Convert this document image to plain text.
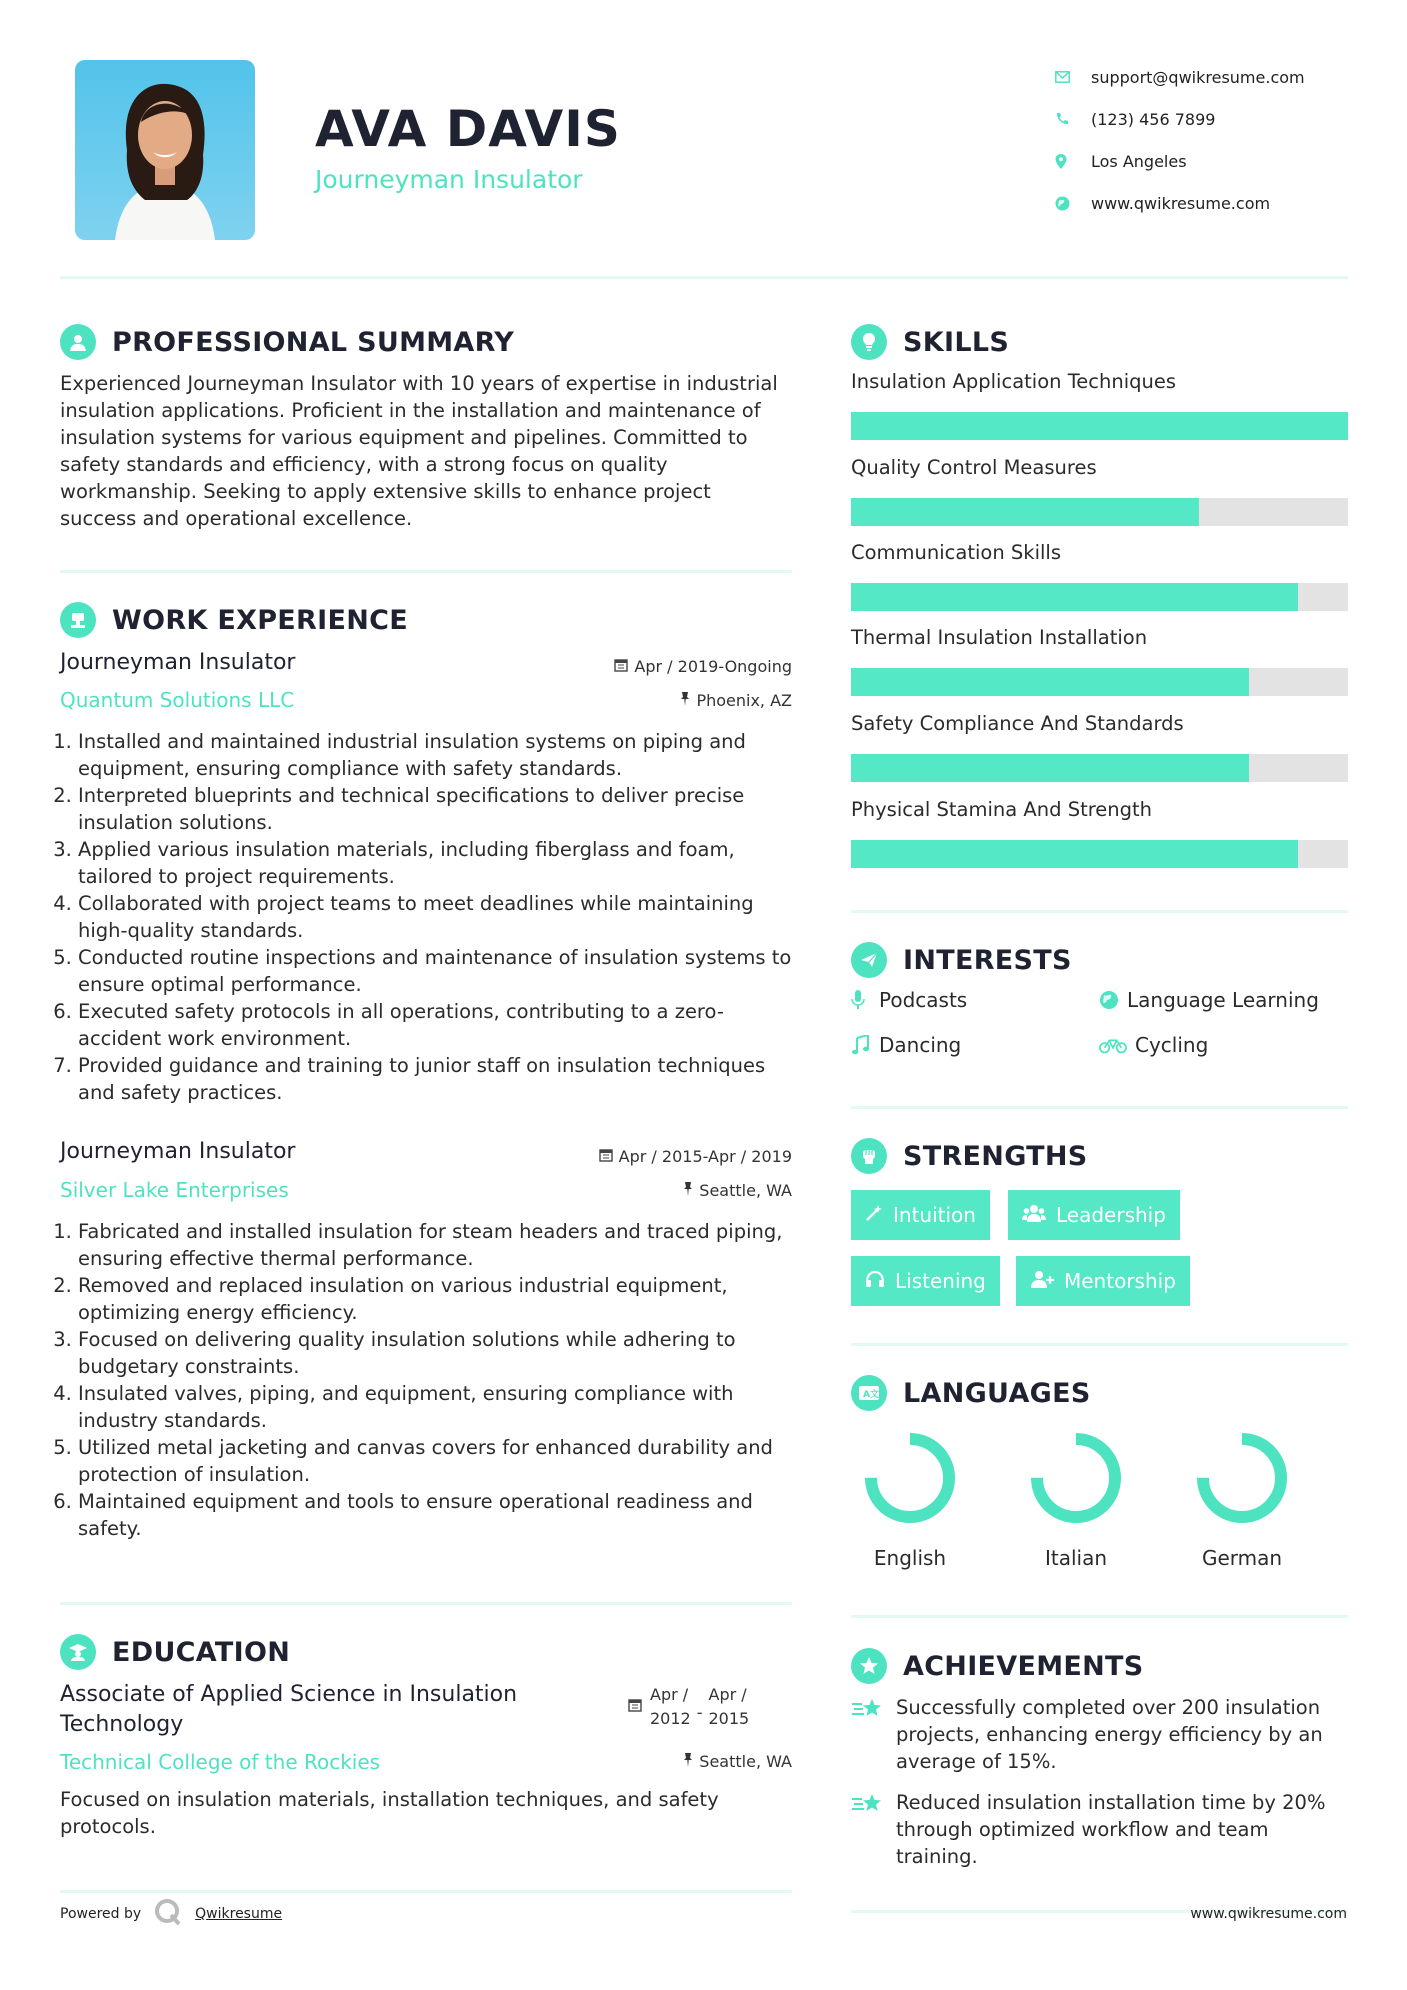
AVA DAVIS
Journeyman Insulator
support@qwikresume.com
(123) 456 7899
Los Angeles
www.qwikresume.com
PROFESSIONAL SUMMARY
Experienced Journeyman Insulator with 10 years of expertise in industrial insulation applications. Proficient in the installation and maintenance of insulation systems for various equipment and pipelines. Committed to safety standards and efficiency, with a strong focus on quality workmanship. Seeking to apply extensive skills to enhance project success and operational excellence.
WORK EXPERIENCE
Journeyman Insulator	Apr / 2019-Ongoing
Quantum Solutions LLC	Phoenix, AZ
1. Installed and maintained industrial insulation systems on piping and equipment, ensuring compliance with safety standards.
2. Interpreted blueprints and technical specifications to deliver precise insulation solutions.
3. Applied various insulation materials, including fiberglass and foam, tailored to project requirements.
4. Collaborated with project teams to meet deadlines while maintaining high-quality standards.
5. Conducted routine inspections and maintenance of insulation systems to ensure optimal performance.
6. Executed safety protocols in all operations, contributing to a zero-accident work environment.
7. Provided guidance and training to junior staff on insulation techniques and safety practices.
Journeyman Insulator	Apr / 2015-Apr / 2019
Silver Lake Enterprises	Seattle, WA
1. Fabricated and installed insulation for steam headers and traced piping, ensuring effective thermal performance.
2. Removed and replaced insulation on various industrial equipment, optimizing energy efficiency.
3. Focused on delivering quality insulation solutions while adhering to budgetary constraints.
4. Insulated valves, piping, and equipment, ensuring compliance with industry standards.
5. Utilized metal jacketing and canvas covers for enhanced durability and protection of insulation.
6. Maintained equipment and tools to ensure operational readiness and safety.
EDUCATION
Associate of Applied Science in Insulation Technology
Apr /
2012 -
Apr /
2015
Technical College of the Rockies	Seattle, WA
Focused on insulation materials, installation techniques, and safety protocols.
SKILLS
Insulation Application Techniques
Quality Control Measures
Communication Skills
Thermal Insulation Installation
Safety Compliance And Standards
Physical Stamina And Strength
INTERESTS
Podcasts	Language Learning
Dancing	Cycling
STRENGTHS
Intuition	Leadership
Listening	Mentorship
A 文 LANGUAGES
English	Italian	German
ACHIEVEMENTS
Successfully completed over 200 insulation projects, enhancing energy efficiency by an average of 15%.
Reduced insulation installation time by 20% through optimized workflow and team training.
Powered by	Qwikresume	www.qwikresume.com
